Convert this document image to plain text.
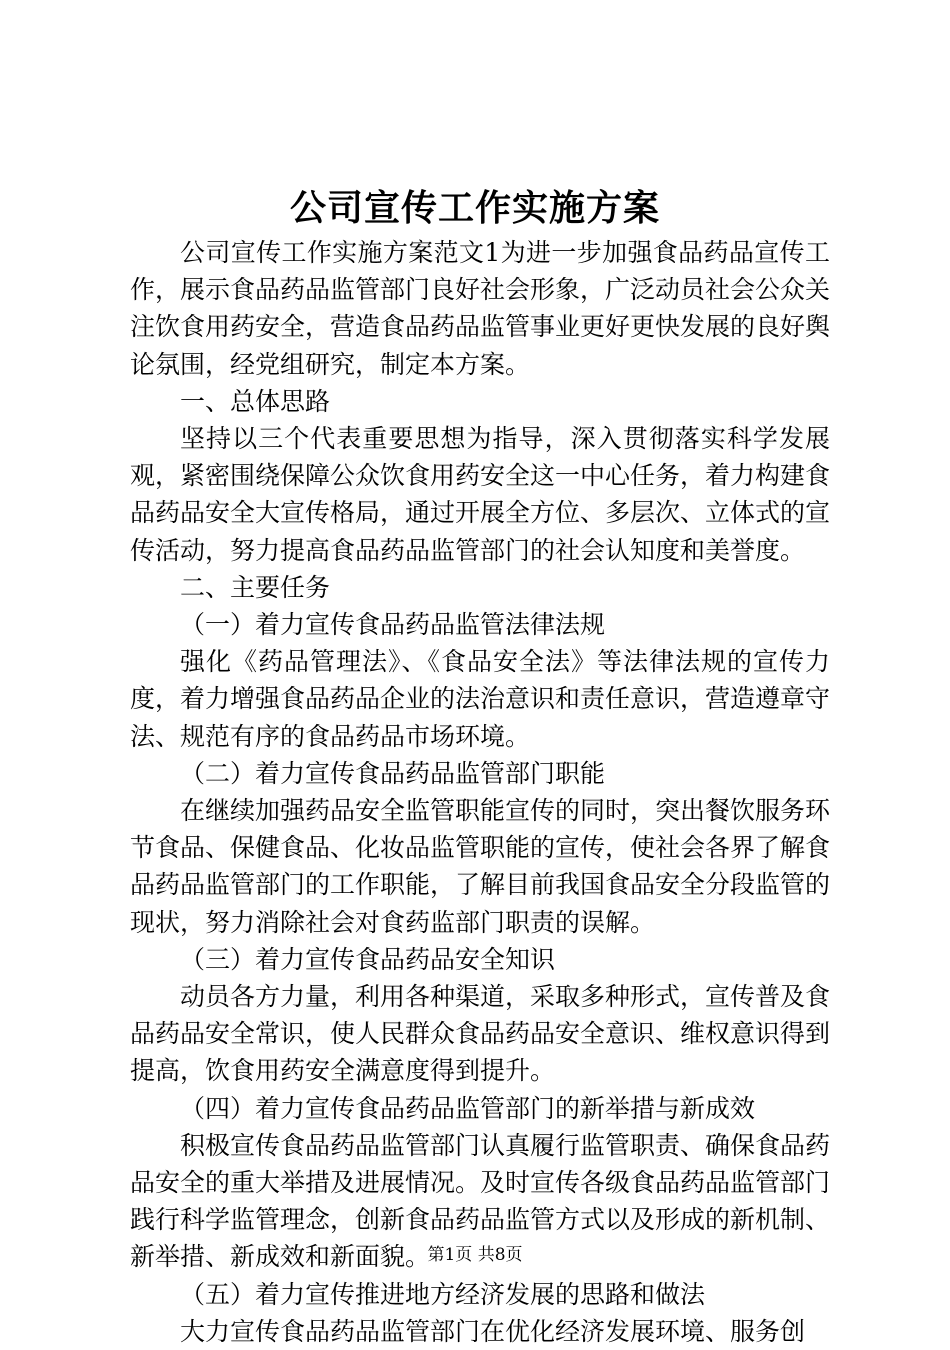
公司宣传工作实施方案

公司宣传工作实施方案范文1为进一步加强食品药品宣传工作，展示食品药品监管部门良好社会形象，广泛动员社会公众关注饮食用药安全，营造食品药品监管事业更好更快发展的良好舆论氛围，经党组研究，制定本方案。

一、总体思路

坚持以三个代表重要思想为指导，深入贯彻落实科学发展观，紧密围绕保障公众饮食用药安全这一中心任务，着力构建食品药品安全大宣传格局，通过开展全方位、多层次、立体式的宣传活动，努力提高食品药品监管部门的社会认知度和美誉度。

二、主要任务

（一）着力宣传食品药品监管法律法规

强化《药品管理法》、《食品安全法》等法律法规的宣传力度，着力增强食品药品企业的法治意识和责任意识，营造遵章守法、规范有序的食品药品市场环境。

（二）着力宣传食品药品监管部门职能

在继续加强药品安全监管职能宣传的同时，突出餐饮服务环节食品、保健食品、化妆品监管职能的宣传，使社会各界了解食品药品监管部门的工作职能，了解目前我国食品安全分段监管的现状，努力消除社会对食药监部门职责的误解。

（三）着力宣传食品药品安全知识

动员各方力量，利用各种渠道，采取多种形式，宣传普及食品药品安全常识，使人民群众食品药品安全意识、维权意识得到提高，饮食用药安全满意度得到提升。

（四）着力宣传食品药品监管部门的新举措与新成效

积极宣传食品药品监管部门认真履行监管职责、确保食品药品安全的重大举措及进展情况。及时宣传各级食品药品监管部门践行科学监管理念，创新食品药品监管方式以及形成的新机制、新举措、新成效和新面貌。

（五）着力宣传推进地方经济发展的思路和做法

大力宣传食品药品监管部门在优化经济发展环境、服务创

第1页 共8页
